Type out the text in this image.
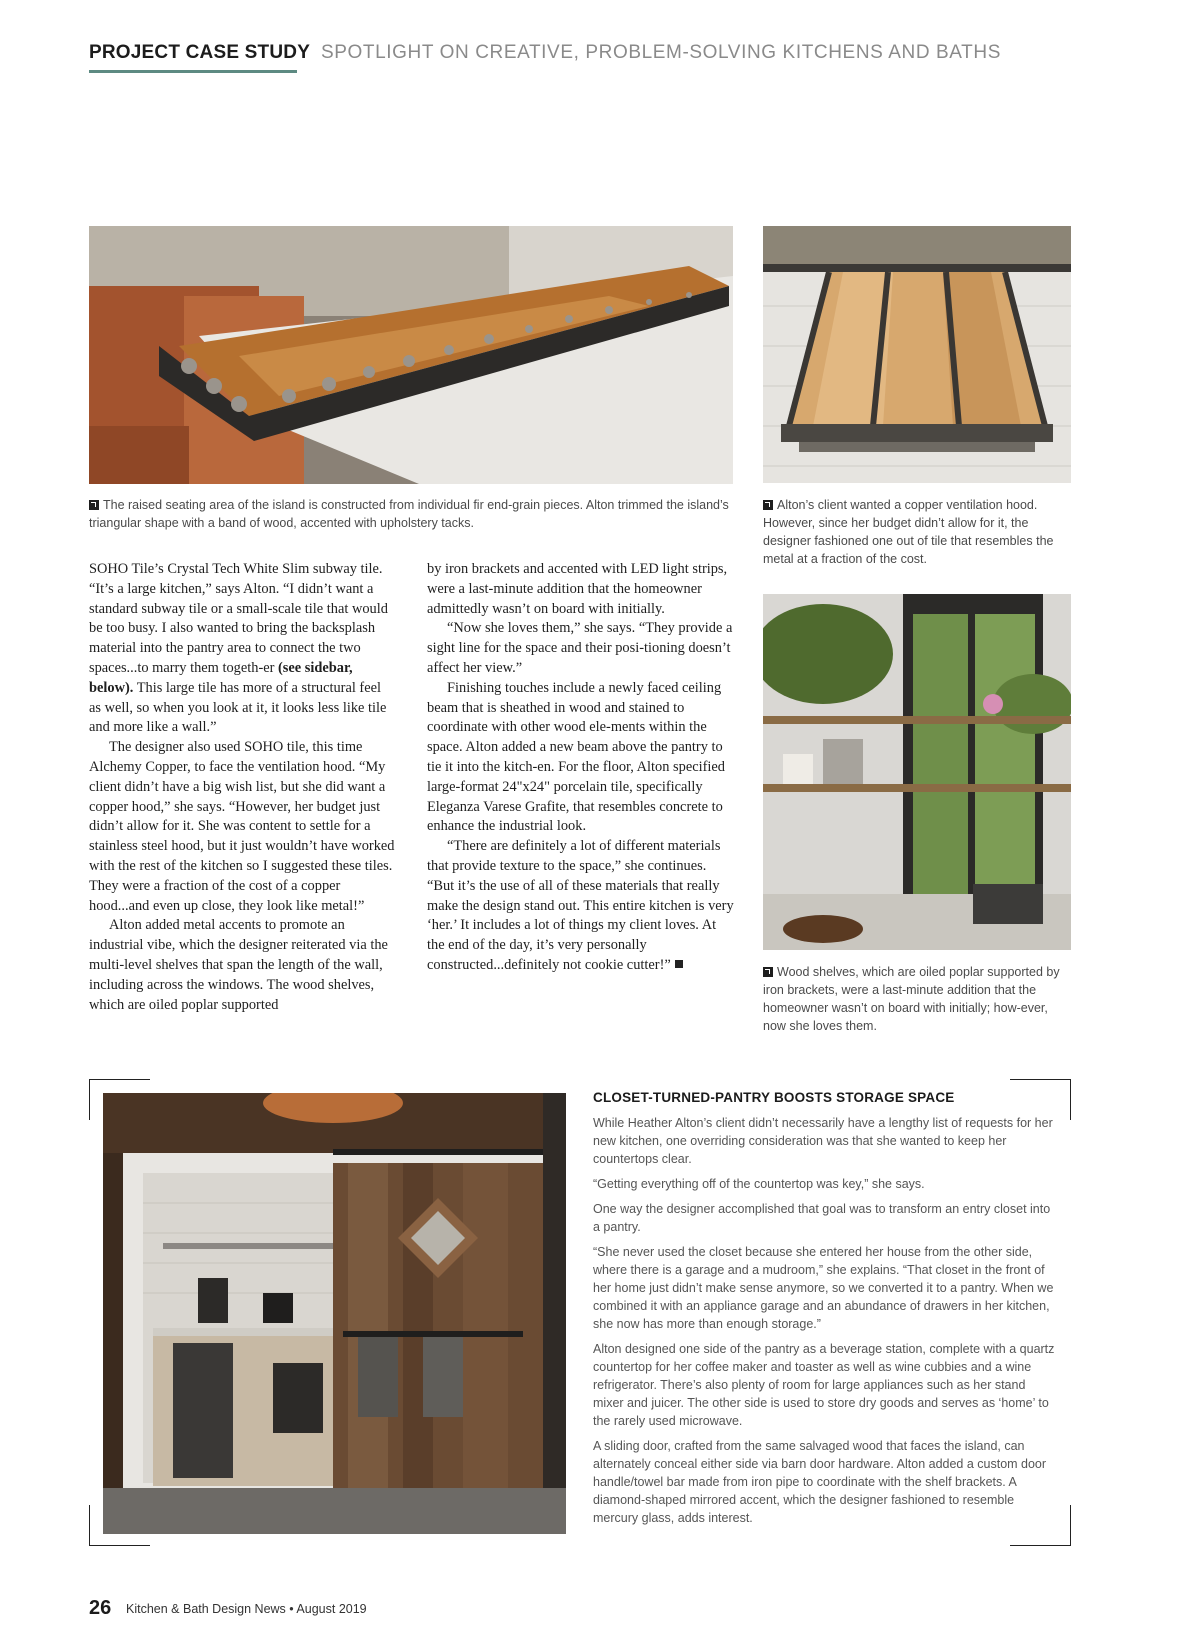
PROJECT CASE STUDY SPOTLIGHT ON CREATIVE, PROBLEM-SOLVING KITCHENS AND BATHS
The raised seating area of the island is constructed from individual fir end-grain pieces. Alton trimmed the island’s triangular shape with a band of wood, accented with upholstery tacks.
Alton’s client wanted a copper ventilation hood. However, since her budget didn’t allow for it, the designer fashioned one out of tile that resembles the metal at a fraction of the cost.

SOHO Tile’s Crystal Tech White Slim subway tile. “It’s a large kitchen,” says Alton. “I didn’t want a standard subway tile or a small-scale tile that would be too busy. I also wanted to bring the backsplash material into the pantry area to connect the two spaces...to marry them togeth-er (see sidebar, below). This large tile has more of a structural feel as well, so when you look at it, it looks less like tile and more like a wall.”

The designer also used SOHO tile, this time Alchemy Copper, to face the ventilation hood. “My client didn’t have a big wish list, but she did want a copper hood,” she says. “However, her budget just didn’t allow for it. She was content to settle for a stainless steel hood, but it just wouldn’t have worked with the rest of the kitchen so I suggested these tiles. They were a fraction of the cost of a copper hood...and even up close, they look like metal!”

Alton added metal accents to promote an industrial vibe, which the designer reiterated via the multi-level shelves that span the length of the wall, including across the windows. The wood shelves, which are oiled poplar supported

by iron brackets and accented with LED light strips, were a last-minute addition that the homeowner admittedly wasn’t on board with initially.

“Now she loves them,” she says. “They provide a sight line for the space and their posi-tioning doesn’t affect her view.”

Finishing touches include a newly faced ceiling beam that is sheathed in wood and stained to coordinate with other wood ele-ments within the space. Alton added a new beam above the pantry to tie it into the kitch-en. For the floor, Alton specified large-format 24"x24" porcelain tile, specifically Eleganza Varese Grafite, that resembles concrete to enhance the industrial look.

“There are definitely a lot of different materials that provide texture to the space,” she continues. “But it’s the use of all of these materials that really make the design stand out. This entire kitchen is very ‘her.’ It includes a lot of things my client loves. At the end of the day, it’s very personally constructed...definitely not cookie cutter!”	Wood shelves, which are oiled poplar supported by iron brackets, were a last-minute addition that the homeowner wasn’t on board with initially; how-ever, now she loves them.
CLOSET-TURNED-PANTRY BOOSTS STORAGE SPACE

While Heather Alton’s client didn’t necessarily have a lengthy list of requests for her new kitchen, one overriding consideration was that she wanted to keep her countertops clear.

“Getting everything off of the countertop was key,” she says.

One way the designer accomplished that goal was to transform an entry closet into a pantry.

“She never used the closet because she entered her house from the other side, where there is a garage and a mudroom,” she explains. “That closet in the front of her home just didn’t make sense anymore, so we converted it to a pantry. When we combined it with an appliance garage and an abundance of drawers in her kitchen, she now has more than enough storage.”

Alton designed one side of the pantry as a beverage station, complete with a quartz countertop for her coffee maker and toaster as well as wine cubbies and a wine refrigerator. There’s also plenty of room for large appliances such as her stand mixer and juicer. The other side is used to store dry goods and serves as ‘home’ to the rarely used microwave.

A sliding door, crafted from the same salvaged wood that faces the island, can alternately conceal either side via barn door hardware. Alton added a custom door handle/towel bar made from iron pipe to coordinate with the shelf brackets. A diamond-shaped mirrored accent, which the designer fashioned to resemble mercury glass, adds interest.

26 Kitchen & Bath Design News • August 2019
